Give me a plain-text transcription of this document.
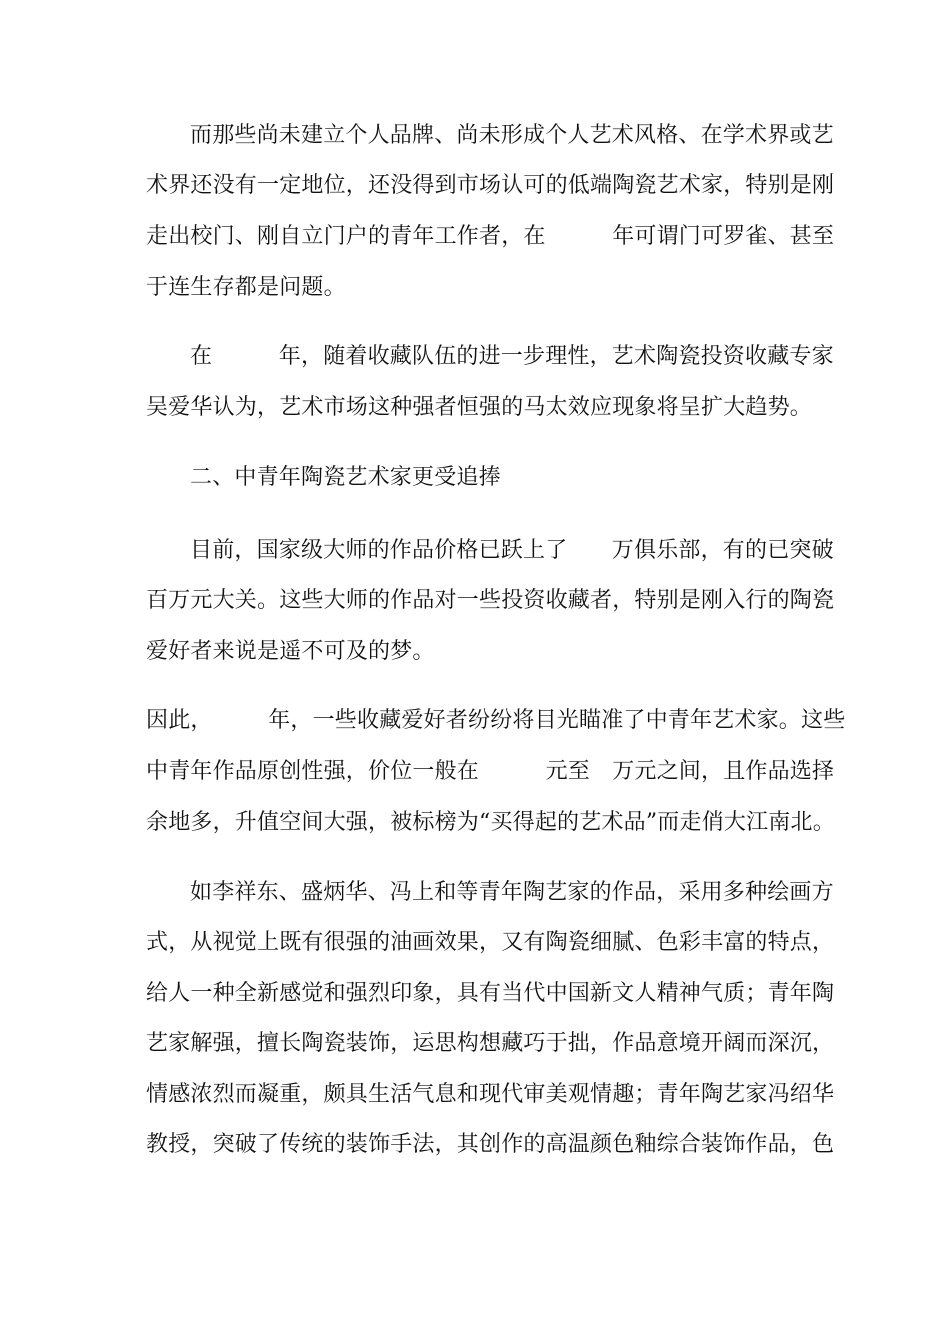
而那些尚未建立个人品牌、尚未形成个人艺术风格、在学术界或艺
术界还没有一定地位，还没得到市场认可的低端陶瓷艺术家，特别是刚
走出校门、刚自立门户的青年工作者，在　　　年可谓门可罗雀、甚至
于连生存都是问题。
在　　　年，随着收藏队伍的进一步理性，艺术陶瓷投资收藏专家
吴爱华认为，艺术市场这种强者恒强的马太效应现象将呈扩大趋势。
二、中青年陶瓷艺术家更受追捧
目前，国家级大师的作品价格已跃上了　　万俱乐部，有的已突破
百万元大关。这些大师的作品对一些投资收藏者，特别是刚入行的陶瓷
爱好者来说是遥不可及的梦。
因此，　　　年，一些收藏爱好者纷纷将目光瞄准了中青年艺术家。这些
中青年作品原创性强，价位一般在　　　元至　万元之间，且作品选择
余地多，升值空间大强，被标榜为“买得起的艺术品”而走俏大江南北。
如李祥东、盛炳华、冯上和等青年陶艺家的作品，采用多种绘画方
式，从视觉上既有很强的油画效果，又有陶瓷细腻、色彩丰富的特点，
给人一种全新感觉和强烈印象，具有当代中国新文人精神气质；青年陶
艺家解强，擅长陶瓷装饰，运思构想藏巧于拙，作品意境开阔而深沉，
情感浓烈而凝重，颇具生活气息和现代审美观情趣；青年陶艺家冯绍华
教授，突破了传统的装饰手法，其创作的高温颜色釉综合装饰作品，色
